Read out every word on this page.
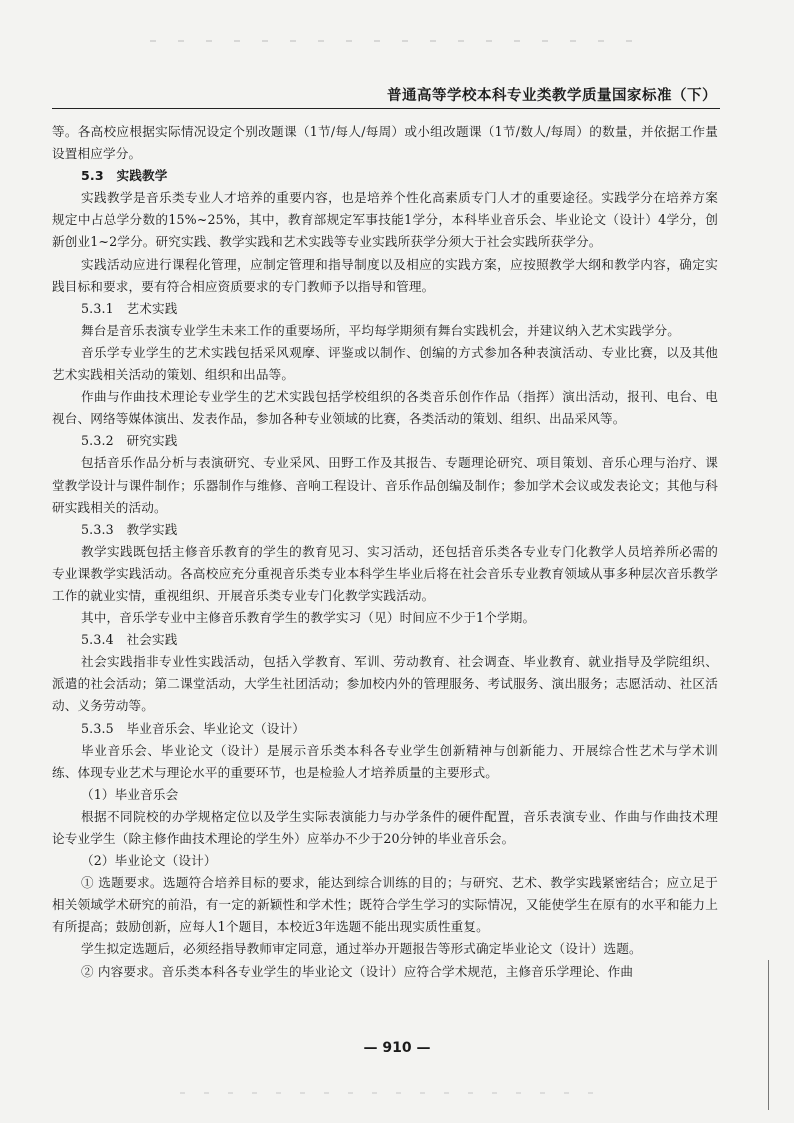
普通高等学校本科专业类教学质量国家标准（下）

等。各高校应根据实际情况设定个别改题课（1节/每人/每周）或小组改题课（1节/数人/每周）的数量，并依据工作量设置相应学分。

5.3　实践教学

实践教学是音乐类专业人才培养的重要内容，也是培养个性化高素质专门人才的重要途径。实践学分在培养方案规定中占总学分数的15%~25%，其中，教育部规定军事技能1学分，本科毕业音乐会、毕业论文（设计）4学分，创新创业1~2学分。研究实践、教学实践和艺术实践等专业实践所获学分须大于社会实践所获学分。

实践活动应进行课程化管理，应制定管理和指导制度以及相应的实践方案，应按照教学大纲和教学内容，确定实践目标和要求，要有符合相应资质要求的专门教师予以指导和管理。

5.3.1　艺术实践

舞台是音乐表演专业学生未来工作的重要场所，平均每学期须有舞台实践机会，并建议纳入艺术实践学分。

音乐学专业学生的艺术实践包括采风观摩、评鉴或以制作、创编的方式参加各种表演活动、专业比赛，以及其他艺术实践相关活动的策划、组织和出品等。

作曲与作曲技术理论专业学生的艺术实践包括学校组织的各类音乐创作作品（指挥）演出活动，报刊、电台、电视台、网络等媒体演出、发表作品，参加各种专业领域的比赛，各类活动的策划、组织、出品采风等。

5.3.2　研究实践

包括音乐作品分析与表演研究、专业采风、田野工作及其报告、专题理论研究、项目策划、音乐心理与治疗、课堂教学设计与课件制作；乐器制作与维修、音响工程设计、音乐作品创编及制作；参加学术会议或发表论文；其他与科研实践相关的活动。

5.3.3　教学实践

教学实践既包括主修音乐教育的学生的教育见习、实习活动，还包括音乐类各专业专门化教学人员培养所必需的专业课教学实践活动。各高校应充分重视音乐类专业本科学生毕业后将在社会音乐专业教育领域从事多种层次音乐教学工作的就业实情，重视组织、开展音乐类专业专门化教学实践活动。

其中，音乐学专业中主修音乐教育学生的教学实习（见）时间应不少于1个学期。

5.3.4　社会实践

社会实践指非专业性实践活动，包括入学教育、军训、劳动教育、社会调查、毕业教育、就业指导及学院组织、派遣的社会活动；第二课堂活动，大学生社团活动；参加校内外的管理服务、考试服务、演出服务；志愿活动、社区活动、义务劳动等。

5.3.5　毕业音乐会、毕业论文（设计）

毕业音乐会、毕业论文（设计）是展示音乐类本科各专业学生创新精神与创新能力、开展综合性艺术与学术训练、体现专业艺术与理论水平的重要环节，也是检验人才培养质量的主要形式。

（1）毕业音乐会

根据不同院校的办学规格定位以及学生实际表演能力与办学条件的硬件配置，音乐表演专业、作曲与作曲技术理论专业学生（除主修作曲技术理论的学生外）应举办不少于20分钟的毕业音乐会。

（2）毕业论文（设计）

① 选题要求。选题符合培养目标的要求，能达到综合训练的目的；与研究、艺术、教学实践紧密结合；应立足于相关领域学术研究的前沿，有一定的新颖性和学术性；既符合学生学习的实际情况，又能使学生在原有的水平和能力上有所提高；鼓励创新，应每人1个题目，本校近3年选题不能出现实质性重复。

学生拟定选题后，必须经指导教师审定同意，通过举办开题报告等形式确定毕业论文（设计）选题。

② 内容要求。音乐类本科各专业学生的毕业论文（设计）应符合学术规范，主修音乐学理论、作曲

— 910 —
